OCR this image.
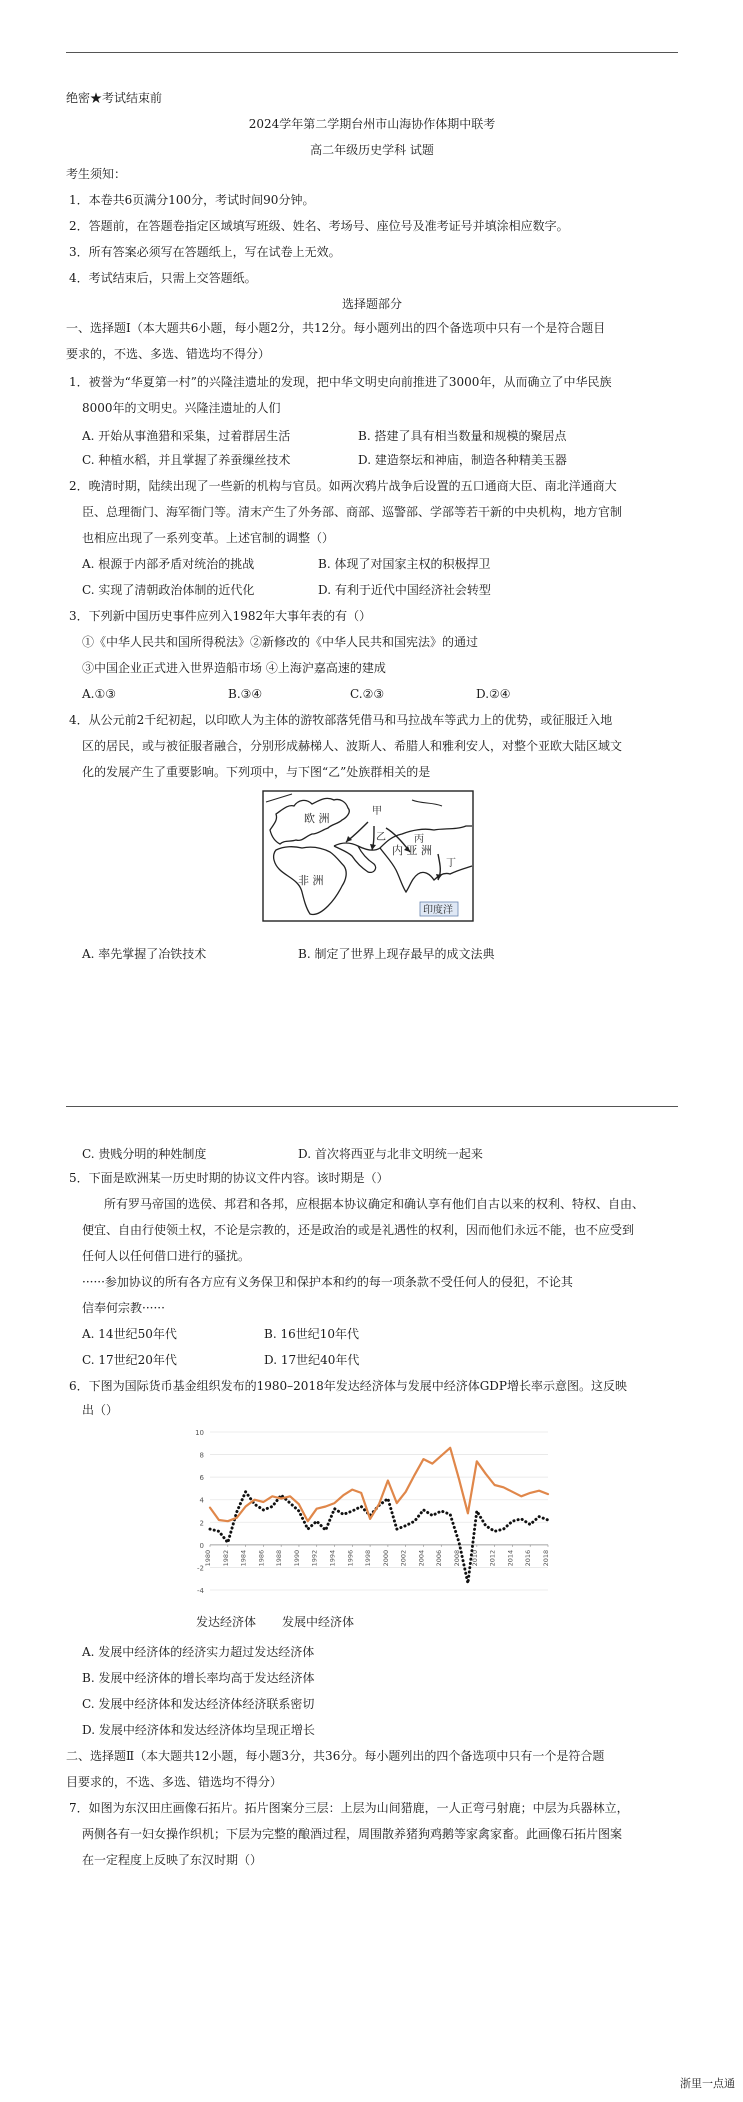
绝密★考试结束前
2024学年第二学期台州市山海协作体期中联考
高二年级历史学科 试题
考生须知：
1．本卷共6页满分100分，考试时间90分钟。
2．答题前，在答题卷指定区域填写班级、姓名、考场号、座位号及准考证号并填涂相应数字。
3．所有答案必须写在答题纸上，写在试卷上无效。
4．考试结束后，只需上交答题纸。
选择题部分
一、选择题Ⅰ（本大题共6小题，每小题2分，共12分。每小题列出的四个备选项中只有一个是符合题目
要求的，不选、多选、错选均不得分）
1．被誉为“华夏第一村”的兴隆洼遗址的发现，把中华文明史向前推进了3000年，从而确立了中华民族
8000年的文明史。兴隆洼遗址的人们
A. 开始从事渔猎和采集，过着群居生活	B. 搭建了具有相当数量和规模的聚居点
C. 种植水稻，并且掌握了养蚕缫丝技术	D. 建造祭坛和神庙，制造各种精美玉器
2．晚清时期，陆续出现了一些新的机构与官员。如两次鸦片战争后设置的五口通商大臣、南北洋通商大
臣、总理衙门、海军衙门等。清末产生了外务部、商部、巡警部、学部等若干新的中央机构，地方官制
也相应出现了一系列变革。上述官制的调整（）
A. 根源于内部矛盾对统治的挑战	B. 体现了对国家主权的积极捍卫
C. 实现了清朝政治体制的近代化	D. 有利于近代中国经济社会转型
3．下列新中国历史事件应列入1982年大事年表的有（）
①《中华人民共和国所得税法》②新修改的《中华人民共和国宪法》的通过
③中国企业正式进入世界造船市场 ④上海沪嘉高速的建成
A.①③	B.③④	C.②③	D.②④
4．从公元前2千纪初起，以印欧人为主体的游牧部落凭借马和马拉战车等武力上的优势，或征服迁入地
区的居民，或与被征服者融合，分别形成赫梯人、波斯人、希腊人和雅利安人，对整个亚欧大陆区域文
化的发展产生了重要影响。下列项中，与下图“乙”处族群相关的是
欧 洲
非 洲
内 亚 洲
甲
乙	丙
丁
印度洋
A. 率先掌握了冶铁技术	B. 制定了世界上现存最早的成文法典
C. 贵贱分明的种姓制度	D. 首次将西亚与北非文明统一起来
5．下面是欧洲某一历史时期的协议文件内容。该时期是（）
所有罗马帝国的选侯、邦君和各邦，应根据本协议确定和确认享有他们自古以来的权利、特权、自由、
便宜、自由行使领土权，不论是宗教的，还是政治的或是礼遇性的权利，因而他们永远不能，也不应受到
任何人以任何借口进行的骚扰。
······参加协议的所有各方应有义务保卫和保护本和约的每一项条款不受任何人的侵犯，不论其
信奉何宗教······
A. 14世纪50年代	B. 16世纪10年代
C. 17世纪20年代	D. 17世纪40年代
6．下图为国际货币基金组织发布的1980–2018年发达经济体与发展中经济体GDP增长率示意图。这反映
出（）
-4
-2
0
2
4
6
8
10
1980 1982 1984 1986 1988 1990 1992 1994 1996 1998 2000 2002 2004 2006 2008 2010 2012 2014 2016 2018
发达经济体 发展中经济体
A. 发展中经济体的经济实力超过发达经济体
B. 发展中经济体的增长率均高于发达经济体
C. 发展中经济体和发达经济体经济联系密切
D. 发展中经济体和发达经济体均呈现正增长
二、选择题Ⅱ（本大题共12小题，每小题3分，共36分。每小题列出的四个备选项中只有一个是符合题
目要求的，不选、多选、错选均不得分）
7．如图为东汉田庄画像石拓片。拓片图案分三层：上层为山间猎鹿，一人正弯弓射鹿；中层为兵器林立，
两侧各有一妇女操作织机；下层为完整的酿酒过程，周围散养猪狗鸡鹅等家禽家畜。此画像石拓片图案
在一定程度上反映了东汉时期（）
浙里一点通
